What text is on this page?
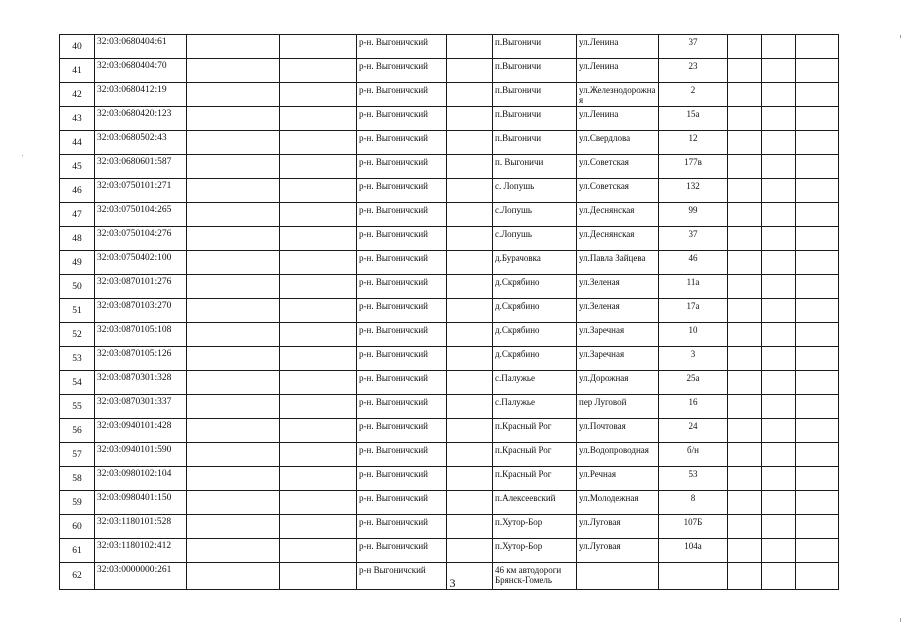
40	32:03:0680404:61			р-н. Выгоничский		п.Выгоничи	ул.Ленина	37			
41	32:03:0680404:70			р-н. Выгоничский		п.Выгоничи	ул.Ленина	23			
42	32:03:0680412:19			р-н. Выгоничский		п.Выгоничи	ул.Железнодорожна я	2			
43	32:03:0680420:123			р-н. Выгоничский		п.Выгоничи	ул.Ленина	15а			
44	32:03:0680502:43			р-н. Выгоничский		п.Выгоничи	ул.Свердлова	12			
45	32:03:0680601:587			р-н. Выгоничский		п. Выгоничи	ул.Советская	177в			
46	32:03:0750101:271			р-н. Выгоничский		с. Лопушь	ул.Советская	132			
47	32:03:0750104:265			р-н. Выгоничский		с.Лопушь	ул.Деснянская	99			
48	32:03:0750104:276			р-н. Выгоничский		с.Лопушь	ул.Деснянская	37			
49	32:03:0750402:100			р-н. Выгоничский		д.Бурачовка	ул.Павла Зайцева	46			
50	32:03:0870101:276			р-н. Выгоничский		д.Скрябино	ул.Зеленая	11а			
51	32:03:0870103:270			р-н. Выгоничский		д.Скрябино	ул.Зеленая	17а			
52	32:03:0870105:108			р-н. Выгоничский		д.Скрябино	ул.Заречная	10			
53	32:03:0870105:126			р-н. Выгоничский		д.Скрябино	ул.Заречная	3			
54	32:03:0870301:328			р-н. Выгоничский		с.Палужье	ул.Дорожная	25а			
55	32:03:0870301:337			р-н. Выгоничский		с.Палужье	пер Луговой	16			
56	32:03:0940101:428			р-н. Выгоничский		п.Красный Рог	ул.Почтовая	24			
57	32:03:0940101:590			р-н. Выгоничский		п.Красный Рог	ул.Водопроводная	б/н			
58	32:03:0980102:104			р-н. Выгоничский		п.Красный Рог	ул.Речная	53			
59	32:03:0980401:150			р-н. Выгоничский		п.Алексеевский	ул.Молодежная	8			
60	32:03:1180101:528			р-н. Выгоничский		п.Хутор-Бор	ул.Луговая	107Б			
61	32:03:1180102:412			р-н. Выгоничский		п.Хутор-Бор	ул.Луговая	104а			
62	32:03:0000000:261			р-н Выгоничский		46 км автодороги Брянск-Гомель					
3
